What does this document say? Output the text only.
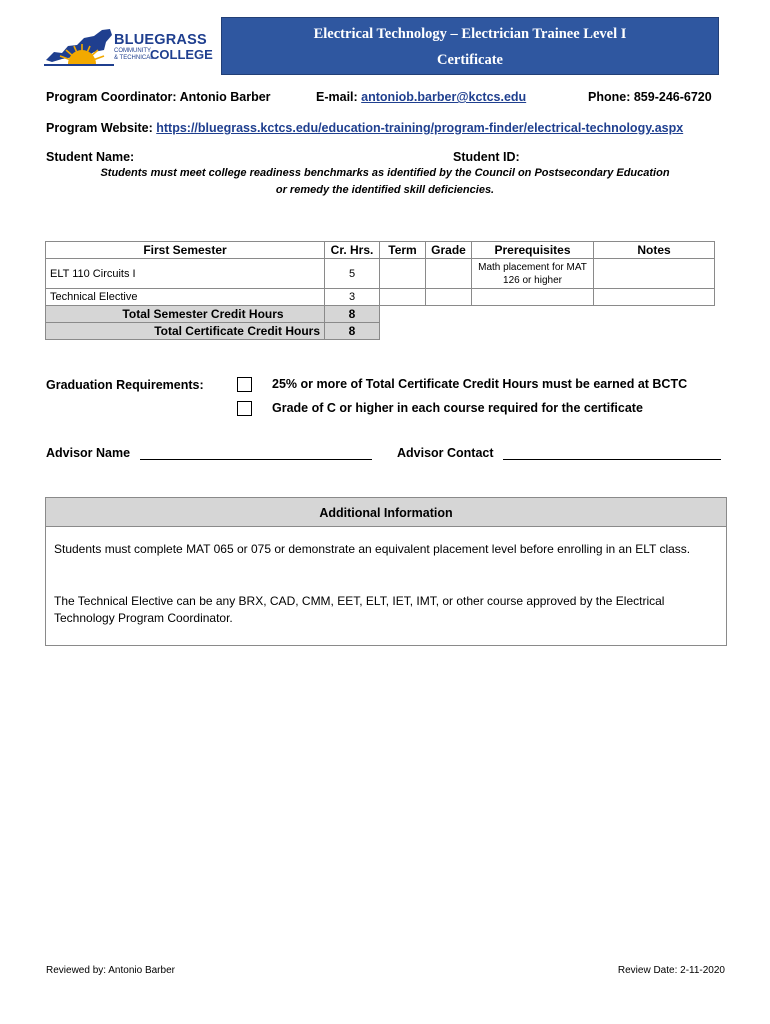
BLUEGRASS
COMMUNITY
& TECHNICAL
COLLEGE
Electrical Technology – Electrician Trainee Level I
Certificate
Program Coordinator: Antonio Barber	E-mail: antoniob.barber@kctcs.edu	Phone: 859-246-6720
Program Website: https://bluegrass.kctcs.edu/education-training/program-finder/electrical-technology.aspx
Student Name:	Student ID:
Students must meet college readiness benchmarks as identified by the Council on Postsecondary Education
or remedy the identified skill deficiencies.
First Semester	Cr. Hrs.	Term	Grade	Prerequisites	Notes
ELT 110 Circuits I	5			Math placement for MAT 126 or higher	
Technical Elective	3				
Total Semester Credit Hours	8				
Total Certificate Credit Hours	8				
Graduation Requirements:	25% or more of Total Certificate Credit Hours must be earned at BCTC
Grade of C or higher in each course required for the certificate
Advisor Name	Advisor Contact
Additional Information
Students must complete MAT 065 or 075 or demonstrate an equivalent placement level before enrolling in an ELT class.
The Technical Elective can be any BRX, CAD, CMM, EET, ELT, IET, IMT, or other course approved by the Electrical Technology Program Coordinator.
Reviewed by: Antonio Barber	Review Date: 2-11-2020
